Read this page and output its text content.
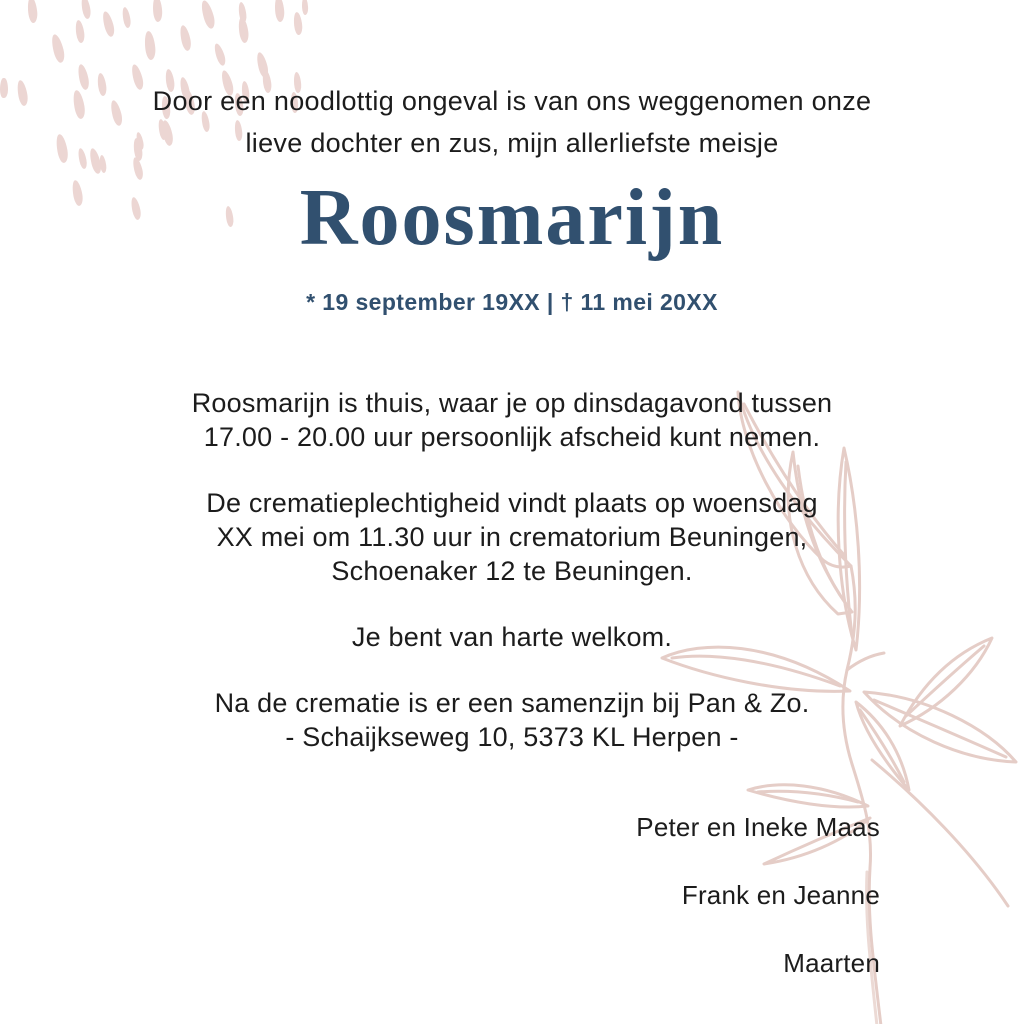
Door een noodlottig ongeval is van ons weggenomen onze
lieve dochter en zus, mijn allerliefste meisje
Roosmarijn
* 19 september 19XX | † 11 mei 20XX
Roosmarijn is thuis, waar je op dinsdagavond tussen
17.00 - 20.00 uur persoonlijk afscheid kunt nemen.
De crematieplechtigheid vindt plaats op woensdag
XX mei om 11.30 uur in crematorium Beuningen,
Schoenaker 12 te Beuningen.
Je bent van harte welkom.
Na de crematie is er een samenzijn bij Pan & Zo.
- Schaijkseweg 10, 5373 KL Herpen -
Peter en Ineke Maas
Frank en Jeanne
Maarten
